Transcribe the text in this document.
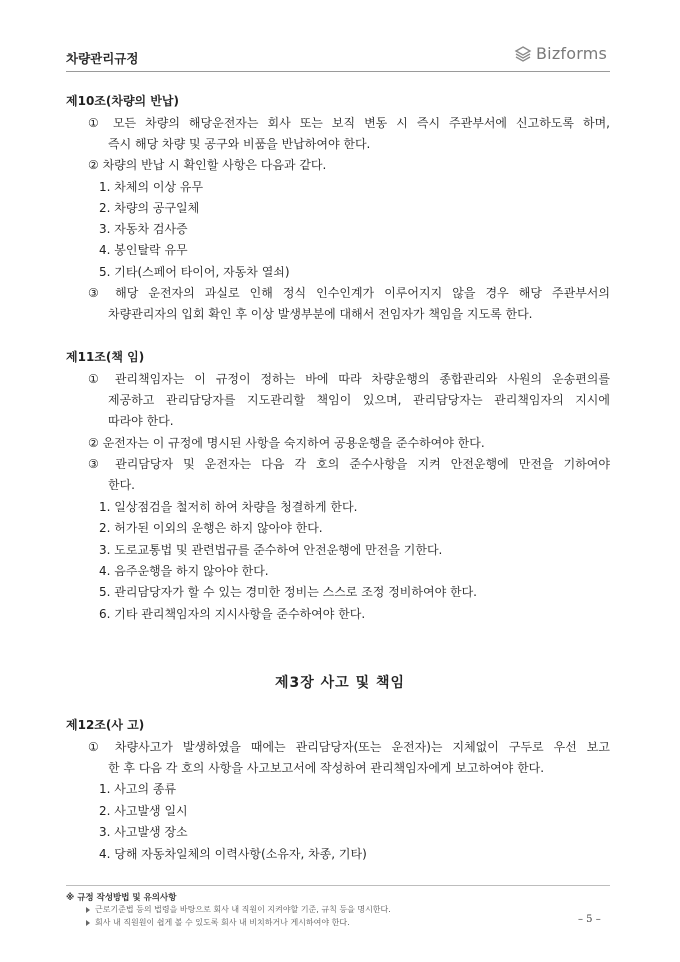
차량관리규정	Bizforms
제10조(차량의 반납)
① 모든 차량의 해당운전자는 회사 또는 보직 변동 시 즉시 주관부서에 신고하도록 하며,
즉시 해당 차량 및 공구와 비품을 반납하여야 한다.
② 차량의 반납 시 확인할 사항은 다음과 같다.
1. 차체의 이상 유무
2. 차량의 공구일체
3. 자동차 검사증
4. 봉인탈락 유무
5. 기타(스페어 타이어, 자동차 열쇠)
③ 해당 운전자의 과실로 인해 정식 인수인계가 이루어지지 않을 경우 해당 주관부서의
차량관리자의 입회 확인 후 이상 발생부분에 대해서 전임자가 책임을 지도록 한다.
제11조(책 임)
① 관리책임자는 이 규정이 정하는 바에 따라 차량운행의 종합관리와 사원의 운송편의를
제공하고 관리담당자를 지도관리할 책임이 있으며, 관리담당자는 관리책임자의 지시에
따라야 한다.
② 운전자는 이 규정에 명시된 사항을 숙지하여 공용운행을 준수하여야 한다.
③ 관리담당자 및 운전자는 다음 각 호의 준수사항을 지켜 안전운행에 만전을 기하여야
한다.
1. 일상점검을 철저히 하여 차량을 청결하게 한다.
2. 허가된 이외의 운행은 하지 않아야 한다.
3. 도로교통법 및 관련법규를 준수하여 안전운행에 만전을 기한다.
4. 음주운행을 하지 않아야 한다.
5. 관리담당자가 할 수 있는 경미한 정비는 스스로 조정 정비하여야 한다.
6. 기타 관리책임자의 지시사항을 준수하여야 한다.
제3장 사고 및 책임
제12조(사 고)
① 차량사고가 발생하였을 때에는 관리담당자(또는 운전자)는 지체없이 구두로 우선 보고
한 후 다음 각 호의 사항을 사고보고서에 작성하여 관리책임자에게 보고하여야 한다.
1. 사고의 종류
2. 사고발생 일시
3. 사고발생 장소
4. 당해 자동차일체의 이력사항(소유자, 차종, 기타)
※ 규정 작성방법 및 유의사항
근로기준법 등의 법령을 바탕으로 회사 내 직원이 지켜야할 기준, 규칙 등을 명시한다.
회사 내 직원원이 쉽게 볼 수 있도록 회사 내 비치하거나 게시하여야 한다.	– 5 –
